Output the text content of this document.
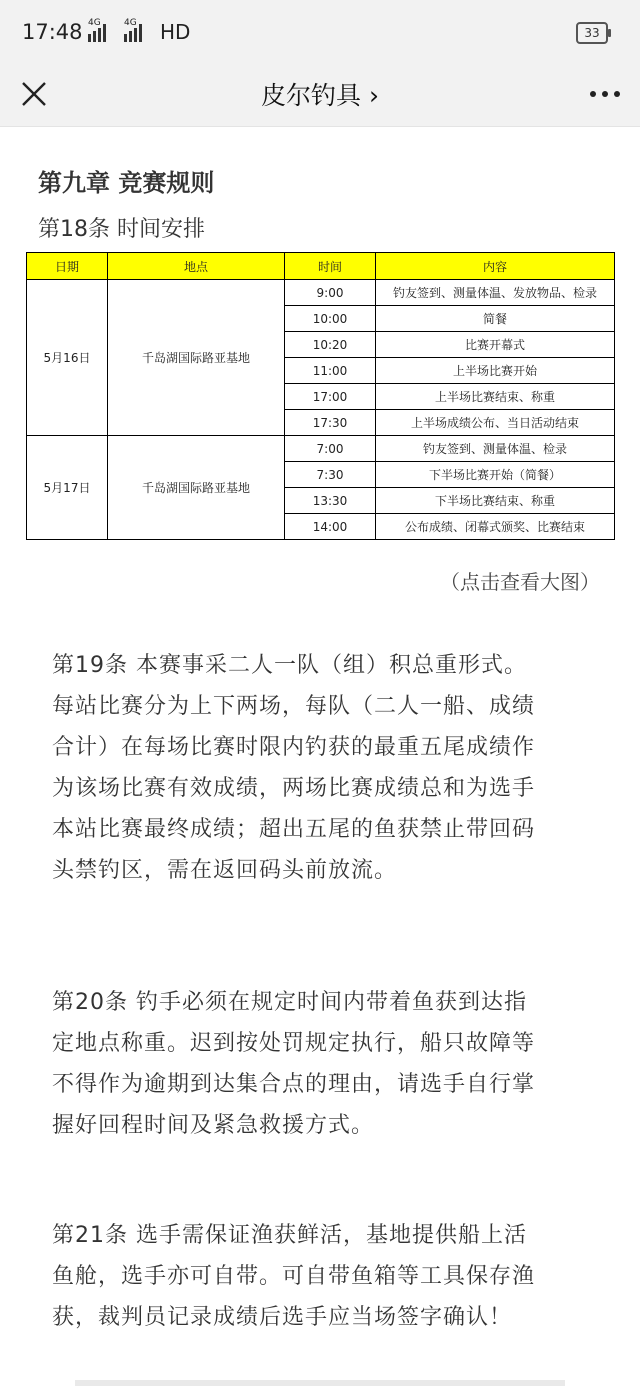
17:48 4G	4G HD	33
皮尔钓具 ›
第九章 竞赛规则
第18条 时间安排
日期	地点	时间	内容
5月16日	千岛湖国际路亚基地	9:00	钓友签到、测量体温、发放物品、检录
		10:00	简餐
		10:20	比赛开幕式
		11:00	上半场比赛开始
		17:00	上半场比赛结束、称重
		17:30	上半场成绩公布、当日活动结束
5月17日	千岛湖国际路亚基地	7:00	钓友签到、测量体温、检录
		7:30	下半场比赛开始（简餐）
		13:30	下半场比赛结束、称重
		14:00	公布成绩、闭幕式颁奖、比赛结束
（点击查看大图）
第19条 本赛事采二人一队（组）积总重形式。
每站比赛分为上下两场，每队（二人一船、成绩
合计）在每场比赛时限内钓获的最重五尾成绩作
为该场比赛有效成绩，两场比赛成绩总和为选手
本站比赛最终成绩；超出五尾的鱼获禁止带回码
头禁钓区，需在返回码头前放流。
第20条 钓手必须在规定时间内带着鱼获到达指
定地点称重。迟到按处罚规定执行，船只故障等
不得作为逾期到达集合点的理由，请选手自行掌
握好回程时间及紧急救援方式。
第21条 选手需保证渔获鲜活，基地提供船上活
鱼舱，选手亦可自带。可自带鱼箱等工具保存渔
获，裁判员记录成绩后选手应当场签字确认！
